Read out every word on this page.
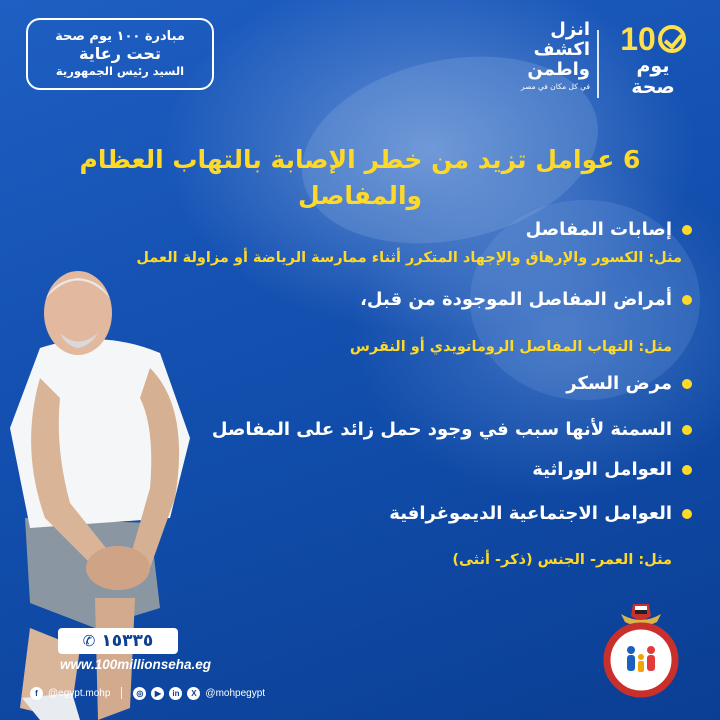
مبادرة ١٠٠ يوم صحة
تحت رعاية
السيد رئيس الجمهورية
انزل
اكشف
واطمن
في كل مكان في مصر
10
يوم
صحة
6 عوامل تزيد من خطر الإصابة بالتهاب العظام والمفاصل
إصابات المفاصل
مثل: الكسور والإرهاق والإجهاد المتكرر أثناء ممارسة الرياضة أو مزاولة العمل
أمراض المفاصل الموجودة من قبل،
مثل: التهاب المفاصل الروماتويدي أو النقرس
مرض السكر
السمنة لأنها سبب في وجود حمل زائد على المفاصل
العوامل الوراثية
العوامل الاجتماعية الديموغرافية
مثل: العمر- الجنس (ذكر- أنثى)
✆ ١٥٣٣٥
www.100millionseha.eg
f	@egypt.mohp	◎	▶	in	X @mohpegypt
